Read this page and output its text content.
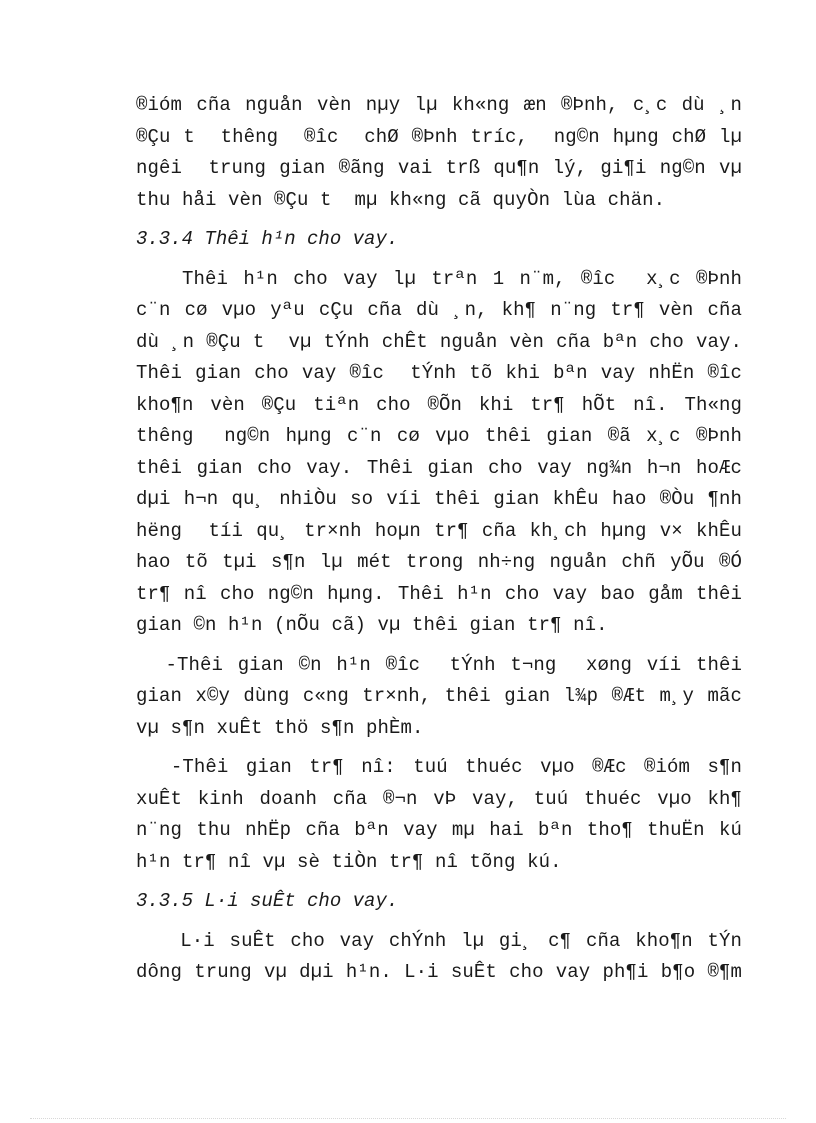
®ióm cña nguån vèn nµy lµ kh«ng æn ®Þnh, c¸c dù ¸n
®Çu t  thêng  ®îc  chØ ®Þnh tríc,  ng©n hµng chØ lµ
ngêi  trung gian ®ãng vai trß qu¶n lý, gi¶i ng©n vµ
thu håi vèn ®Çu t  mµ kh«ng cã quyÒn lùa chän.
3.3.4 Thêi h¹n cho vay.
Thêi h¹n cho vay lµ trªn 1 n¨m, ®îc  x¸c ®Þnh
c¨n cø vµo yªu cÇu cña dù ¸n, kh¶ n¨ng tr¶ vèn cña
dù ¸n ®Çu t  vµ tÝnh chÊt nguån vèn cña bªn cho vay.
Thêi gian cho vay ®îc  tÝnh tõ khi bªn vay nhËn ®îc
kho¶n vèn ®Çu tiªn cho ®Õn khi tr¶ hÕt nî. Th«ng
thêng  ng©n hµng c¨n cø vµo thêi gian ®ã x¸c ®Þnh
thêi gian cho vay. Thêi gian cho vay ng¾n h¬n hoÆc
dµi h¬n qu¸ nhiÒu so víi thêi gian khÊu hao ®Òu ¶nh
hëng  tíi qu¸ tr×nh hoµn tr¶ cña kh¸ch hµng v× khÊu
hao tõ tµi s¶n lµ mét trong nh÷ng nguån chñ yÕu ®Ó
tr¶ nî cho ng©n hµng. Thêi h¹n cho vay bao gåm thêi
gian ©n h¹n (nÕu cã) vµ thêi gian tr¶ nî.
-Thêi gian ©n h¹n ®îc  tÝnh t¬ng  xøng víi thêi
gian x©y dùng c«ng tr×nh, thêi gian l¾p ®Æt m¸y mãc
vµ s¶n xuÊt thö s¶n phÈm.
-Thêi gian tr¶ nî: tuú thuéc vµo ®Æc ®ióm s¶n
xuÊt kinh doanh cña ®¬n vÞ vay, tuú thuéc vµo kh¶
n¨ng thu nhËp cña bªn vay mµ hai bªn tho¶ thuËn kú
h¹n tr¶ nî vµ sè tiÒn tr¶ nî tõng kú.
3.3.5 L·i suÊt cho vay.
L·i suÊt cho vay chÝnh lµ gi¸ c¶ cña kho¶n tÝn
dông trung vµ dµi h¹n. L·i suÊt cho vay ph¶i b¶o ®¶m
